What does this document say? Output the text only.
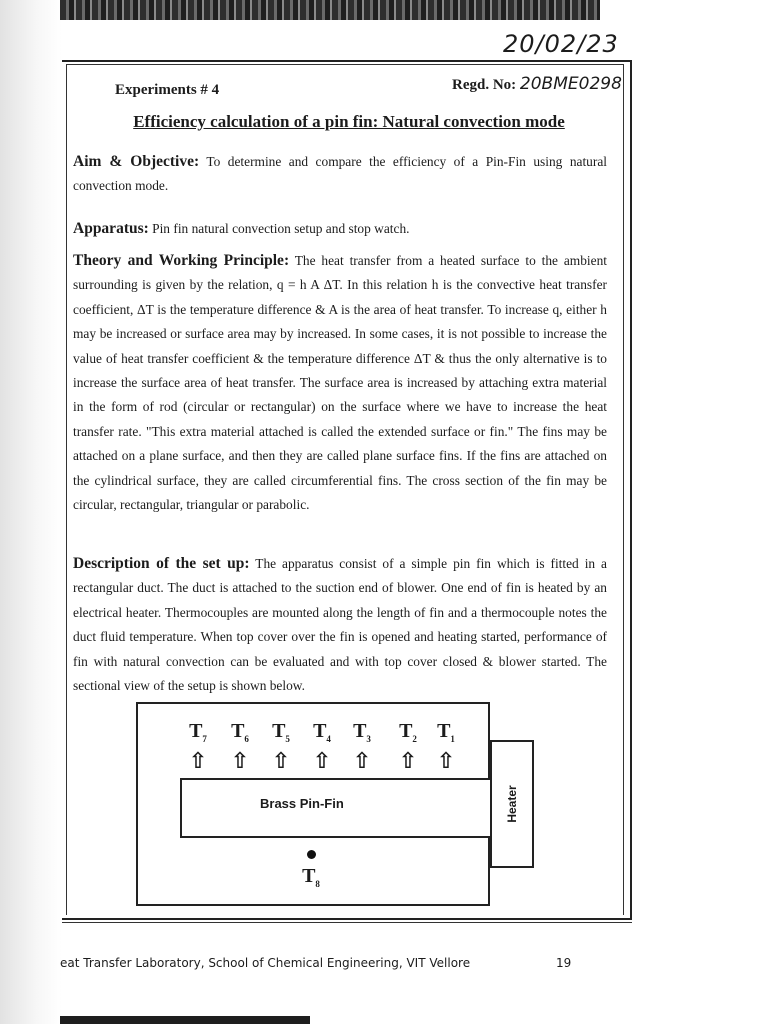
20/02/23
Experiments # 4	Regd. No: 20BME0298
Efficiency calculation of a pin fin: Natural convection mode
Aim & Objective: To determine and compare the efficiency of a Pin-Fin using natural convection mode.
Apparatus: Pin fin natural convection setup and stop watch.
Theory and Working Principle: The heat transfer from a heated surface to the ambient surrounding is given by the relation, q = h A ΔT. In this relation h is the convective heat transfer coefficient, ΔT is the temperature difference & A is the area of heat transfer. To increase q, either h may be increased or surface area may by increased. In some cases, it is not possible to increase the value of heat transfer coefficient & the temperature difference ΔT & thus the only alternative is to increase the surface area of heat transfer. The surface area is increased by attaching extra material in the form of rod (circular or rectangular) on the surface where we have to increase the heat transfer rate. "This extra material attached is called the extended surface or fin." The fins may be attached on a plane surface, and then they are called plane surface fins. If the fins are attached on the cylindrical surface, they are called circumferential fins. The cross section of the fin may be circular, rectangular, triangular or parabolic.
Description of the set up: The apparatus consist of a simple pin fin which is fitted in a rectangular duct. The duct is attached to the suction end of blower. One end of fin is heated by an electrical heater. Thermocouples are mounted along the length of fin and a thermocouple notes the duct fluid temperature. When top cover over the fin is opened and heating started, performance of fin with natural convection can be evaluated and with top cover closed & blower started. The sectional view of the setup is shown below.
$T_7$
⇧
$T_6$
⇧
$T_5$
⇧
$T_4$
⇧
$T_3$
⇧
$T_2$
⇧
$T_1$
⇧
Brass Pin-Fin	Heater
$T_8$
eat Transfer Laboratory, School of Chemical Engineering, VIT Vellore	19
